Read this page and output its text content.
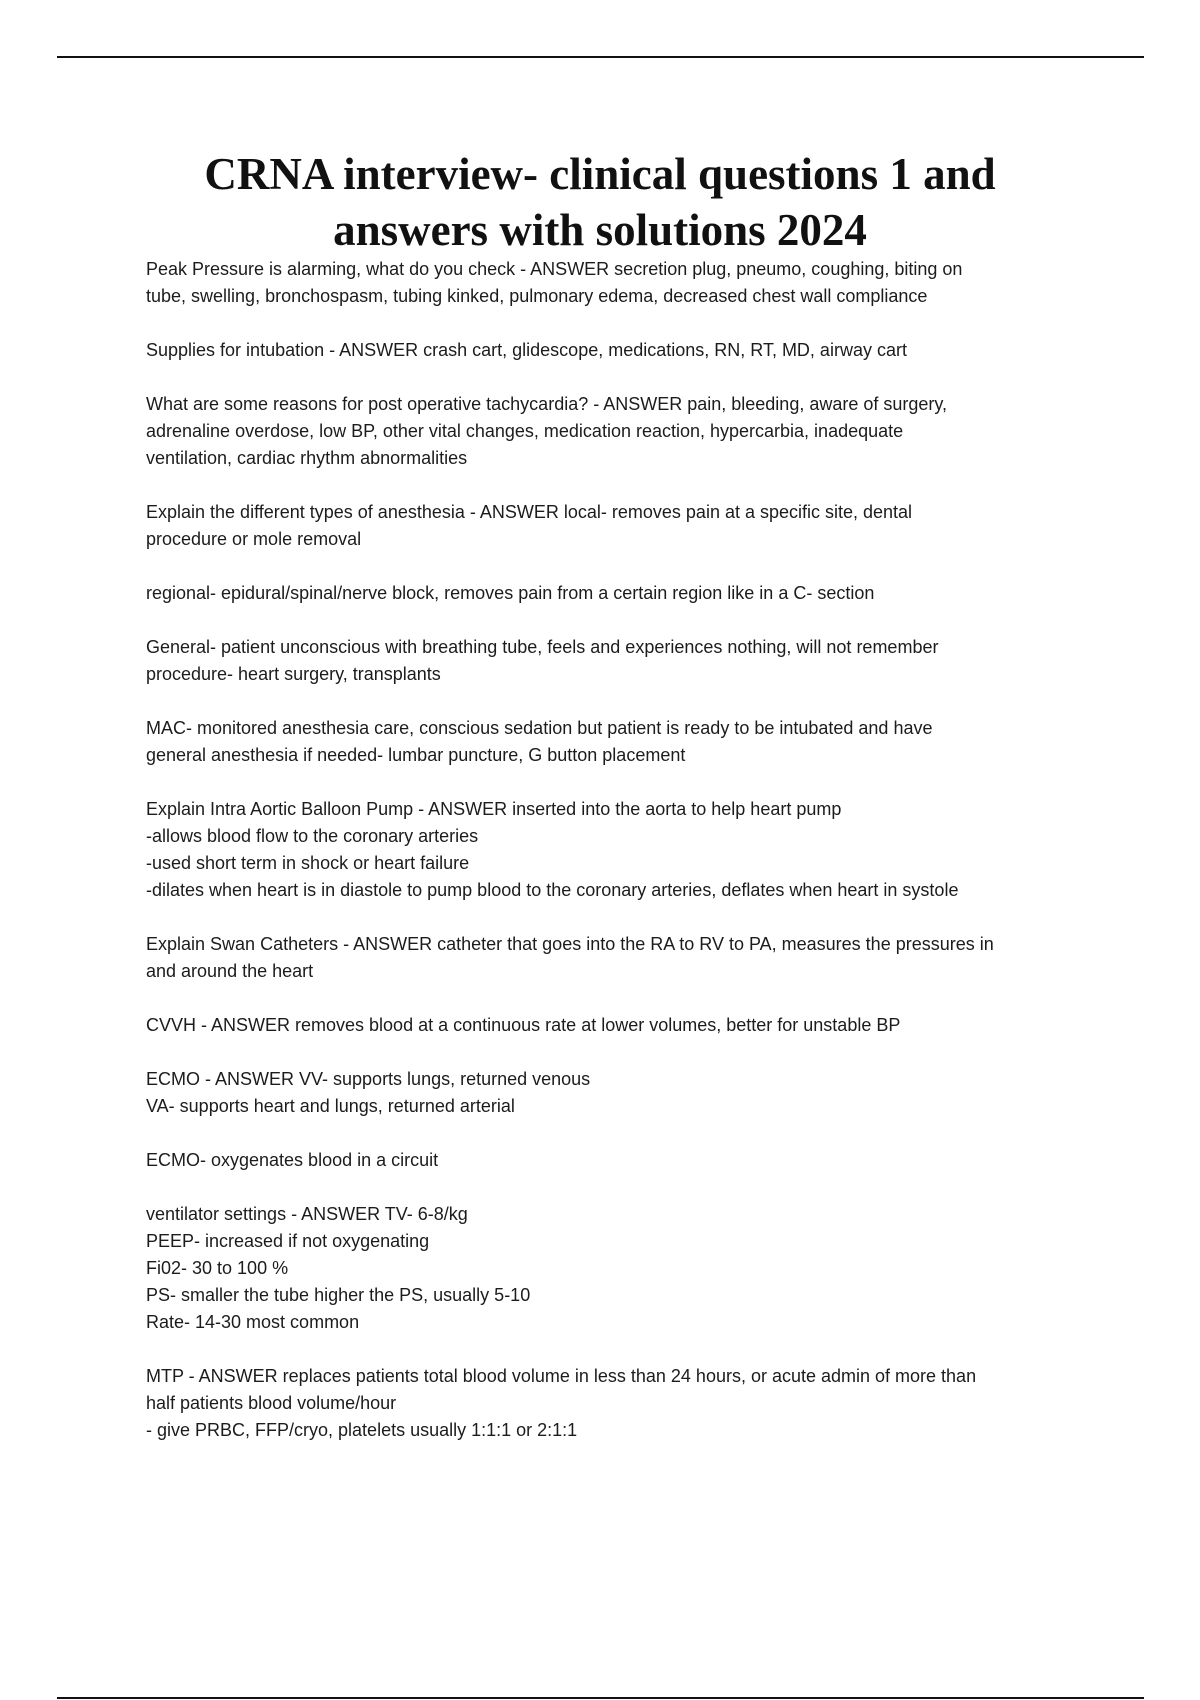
CRNA interview- clinical questions 1 and
answers with solutions 2024

Peak Pressure is alarming, what do you check - ANSWER secretion plug, pneumo, coughing, biting on
tube, swelling, bronchospasm, tubing kinked, pulmonary edema, decreased chest wall compliance

Supplies for intubation - ANSWER crash cart, glidescope, medications, RN, RT, MD, airway cart

What are some reasons for post operative tachycardia? - ANSWER pain, bleeding, aware of surgery,
adrenaline overdose, low BP, other vital changes, medication reaction, hypercarbia, inadequate
ventilation, cardiac rhythm abnormalities

Explain the different types of anesthesia - ANSWER local- removes pain at a specific site, dental
procedure or mole removal

regional- epidural/spinal/nerve block, removes pain from a certain region like in a C- section

General- patient unconscious with breathing tube, feels and experiences nothing, will not remember
procedure- heart surgery, transplants

MAC- monitored anesthesia care, conscious sedation but patient is ready to be intubated and have
general anesthesia if needed- lumbar puncture, G button placement

Explain Intra Aortic Balloon Pump - ANSWER inserted into the aorta to help heart pump
-allows blood flow to the coronary arteries
-used short term in shock or heart failure
-dilates when heart is in diastole to pump blood to the coronary arteries, deflates when heart in systole

Explain Swan Catheters - ANSWER catheter that goes into the RA to RV to PA, measures the pressures in
and around the heart

CVVH - ANSWER removes blood at a continuous rate at lower volumes, better for unstable BP

ECMO - ANSWER VV- supports lungs, returned venous
VA- supports heart and lungs, returned arterial

ECMO- oxygenates blood in a circuit

ventilator settings - ANSWER TV- 6-8/kg
PEEP- increased if not oxygenating
Fi02- 30 to 100 %
PS- smaller the tube higher the PS, usually 5-10
Rate- 14-30 most common

MTP - ANSWER replaces patients total blood volume in less than 24 hours, or acute admin of more than
half patients blood volume/hour
- give PRBC, FFP/cryo, platelets usually 1:1:1 or 2:1:1
